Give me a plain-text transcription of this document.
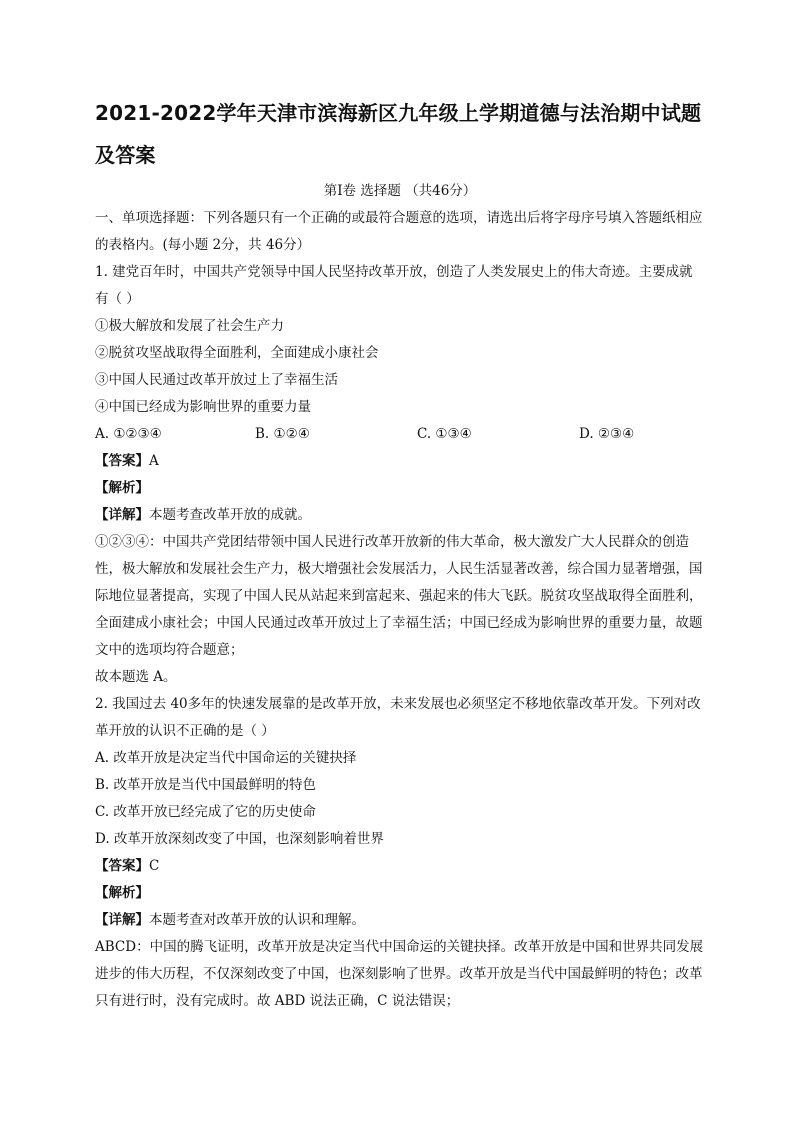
2021-2022学年天津市滨海新区九年级上学期道德与法治期中试题及答案
第Ⅰ卷 选择题 （共46分）

一、单项选择题：下列各题只有一个正确的或最符合题意的选项，请选出后将字母序号填入答题纸相应的表格内。(每小题 2分，共 46分）

1. 建党百年时，中国共产党领导中国人民坚持改革开放，创造了人类发展史上的伟大奇迹。主要成就有（ ）

①极大解放和发展了社会生产力

②脱贫攻坚战取得全面胜利，全面建成小康社会

③中国人民通过改革开放过上了幸福生活

④中国已经成为影响世界的重要力量

A. ①②③④	B. ①②④	C. ①③④	D. ②③④

【答案】A

【解析】

【详解】本题考查改革开放的成就。

①②③④：中国共产党团结带领中国人民进行改革开放新的伟大革命，极大激发广大人民群众的创造性，极大解放和发展社会生产力，极大增强社会发展活力，人民生活显著改善，综合国力显著增强，国际地位显著提高，实现了中国人民从站起来到富起来、强起来的伟大飞跃。脱贫攻坚战取得全面胜利，全面建成小康社会；中国人民通过改革开放过上了幸福生活；中国已经成为影响世界的重要力量，故题文中的选项均符合题意；

故本题选 A。

2. 我国过去 40多年的快速发展靠的是改革开放，未来发展也必须坚定不移地依靠改革开发。下列对改革开放的认识不正确的是（ ）

A. 改革开放是决定当代中国命运的关键抉择

B. 改革开放是当代中国最鲜明的特色

C. 改革开放已经完成了它的历史使命

D. 改革开放深刻改变了中国，也深刻影响着世界

【答案】C

【解析】

【详解】本题考查对改革开放的认识和理解。

ABCD：中国的腾飞证明，改革开放是决定当代中国命运的关键抉择。改革开放是中国和世界共同发展进步的伟大历程，不仅深刻改变了中国，也深刻影响了世界。改革开放是当代中国最鲜明的特色；改革只有进行时，没有完成时。故 ABD 说法正确，C 说法错误；
